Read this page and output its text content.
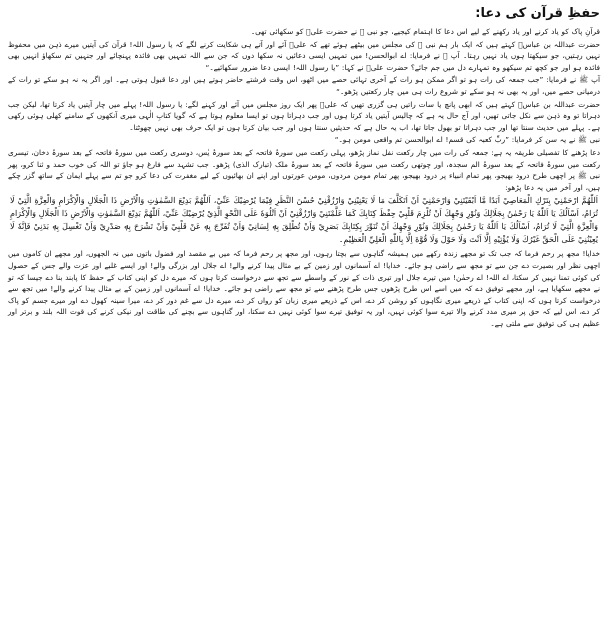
حفظِ قرآن کی دعا:

قرآنِ پاک کو یاد کرنے اور یاد رکھنے کے لیے اس دعا کا اہتمام کیجیے، جو نبی ﷺ نے حضرت علیؓ کو سکھائی تھی۔

حضرت عبداللہ بن عباسؓ کہتے ہیں کہ ایک بار ہم نبی ﷺ کی مجلس میں بیٹھے ہوئے تھے کہ علیؓ آئے اور آتے ہی شکایت کرنے لگے کہ یا رسول اللہ! قرآن کی آیتیں میرے ذہن میں محفوظ نہیں رہتیں، جو سیکھتا ہوں یاد نہیں رہتا۔ آپ ﷺ نے فرمایا: اے ابوالحسن! میں تمہیں ایسی دعائیں نہ سکھا دوں کہ جن سے اللہ تمہیں بھی فائدہ پہنچائے اور جنہیں تم سکھاؤ انہیں بھی فائدہ ہو اور جو کچھ تم سیکھو وہ تمہارے دل میں جم جائے؟ حضرت علیؓ نے کہا: ”یا رسول اللہ! ایسی دعا ضرور سکھائیے۔“

آپ ﷺ نے فرمایا: ”جب جمعہ کی رات ہو تو اگر ممکن ہو رات کے آخری تہائی حصے میں اٹھو، اس وقت فرشتے حاضر ہوتے ہیں اور دعا قبول ہوتی ہے۔ اور اگر یہ نہ ہو سکے تو رات کے درمیانی حصے میں، اور یہ بھی نہ ہو سکے تو شروع رات ہی میں چار رکعتیں پڑھو۔“

حضرت عبداللہ بن عباسؓ کہتے ہیں کہ ابھی پانچ یا سات راتیں ہی گزری تھیں کہ علیؓ پھر ایک روز مجلس میں آئے اور کہنے لگے: یا رسول اللہ! پہلے میں چار آیتیں یاد کرتا تھا، لیکن جب دہراتا تو وہ ذہن سے نکل جاتی تھیں، اور آج حال یہ ہے کہ چالیس آیتیں یاد کرتا ہوں اور جب دہراتا ہوں تو ایسا معلوم ہوتا ہے کہ گویا کتابِ الٰہی میری آنکھوں کے سامنے کھلی ہوئی رکھی ہے۔ پہلے میں حدیث سنتا تھا اور جب دہراتا تو بھول جاتا تھا، اب یہ حال ہے کہ حدیثیں سنتا ہوں اور جب بیان کرتا ہوں تو ایک حرف بھی نہیں چھوٹتا۔

نبی ﷺ نے یہ سن کر فرمایا: ”ربِّ کعبہ کی قسم! اے ابوالحسن تم واقعی مومن ہو۔“

دعا پڑھنے کا تفصیلی طریقہ یہ ہے: جمعہ کی رات میں چار رکعت نفل نماز پڑھو، پہلی رکعت میں سورۂ فاتحہ کے بعد سورۂ یٰس، دوسری رکعت میں سورۂ فاتحہ کے بعد سورۂ دخان، تیسری رکعت میں سورۂ فاتحہ کے بعد سورۂ الم سجدہ، اور چوتھی رکعت میں سورۂ فاتحہ کے بعد سورۂ ملک (تبارک الذی) پڑھو۔ جب تشہد سے فارغ ہو جاؤ تو اللہ کی خوب حمد و ثنا کرو، پھر نبی ﷺ پر اچھی طرح درود بھیجو، پھر تمام انبیاء پر درود بھیجو، پھر تمام مومن مردوں، مومن عورتوں اور اپنے ان بھائیوں کے لیے مغفرت کی دعا کرو جو تم سے پہلے ایمان کے ساتھ گزر چکے ہیں، اور آخر میں یہ دعا پڑھو:

اَللّٰهُمَّ ارْحَمْنِيْ بِتَرْكِ الْمَعَاصِيْ اَبَدًا مَّا اَبْقَيْتَنِيْ وَارْحَمْنِيْ اَنْ اَتَكَلَّفَ مَا لَا يَعْنِيْنِيْ وَارْزُقْنِيْ حُسْنَ النَّظَرِ فِيْمَا يُرْضِيْكَ عَنِّيْ، اَللّٰهُمَّ بَدِيْعَ السَّمٰوٰتِ وَالْاَرْضِ ذَا الْجَلَالِ وَالْاِكْرَامِ وَالْعِزَّةِ الَّتِيْ لَا تُرَامُ، اَسْاَلُكَ يَا اَللّٰهُ يَا رَحْمٰنُ بِجَلَالِكَ وَنُوْرِ وَجْهِكَ اَنْ تُلْزِمَ قَلْبِيْ حِفْظَ كِتَابِكَ كَمَا عَلَّمْتَنِيْ وَارْزُقْنِيْ اَنْ اَتْلُوَهٗ عَلَى النَّحْوِ الَّذِيْ يُرْضِيْكَ عَنِّيْ، اَللّٰهُمَّ بَدِيْعَ السَّمٰوٰتِ وَالْاَرْضِ ذَا الْجَلَالِ وَالْاِكْرَامِ وَالْعِزَّةِ الَّتِيْ لَا تُرَامُ، اَسْاَلُكَ يَا اَللّٰهُ يَا رَحْمٰنُ بِجَلَالِكَ وَنُوْرِ وَجْهِكَ اَنْ تُنَوِّرَ بِكِتَابِكَ بَصَرِيْ وَاَنْ تُطْلِقَ بِهٖ لِسَانِيْ وَاَنْ تُفَرِّجَ بِهٖ عَنْ قَلْبِيْ وَاَنْ تَشْرَحَ بِهٖ صَدْرِيْ وَاَنْ تَغْسِلَ بِهٖ بَدَنِيْ فَاِنَّهٗ لَا يُعِيْنُنِيْ عَلَى الْحَقِّ غَيْرُكَ وَلَا يُؤْتِيْهِ اِلَّا اَنْتَ وَلَا حَوْلَ وَلَا قُوَّةَ اِلَّا بِاللّٰهِ الْعَلِيِّ الْعَظِيْمِ۔

خدایا! مجھ پر رحم فرما کہ جب تک تو مجھے زندہ رکھے میں ہمیشہ گناہوں سے بچتا رہوں، اور مجھ پر رحم فرما کہ میں بے مقصد اور فضول باتوں میں نہ الجھوں، اور مجھے ان کاموں میں اچھی نظر اور بصیرت دے جن سے تو مجھ سے راضی ہو جائے۔ خدایا! اے آسمانوں اور زمین کے بے مثال پیدا کرنے والے! اے جلال اور بزرگی والے! اور ایسے غلبے اور عزت والے جس کے حصول کی کوئی تمنا نہیں کر سکتا، اے اللہ! اے رحمٰن! میں تیرے جلال اور تیری ذات کے نور کے واسطے سے تجھ سے درخواست کرتا ہوں کہ میرے دل کو اپنی کتاب کے حفظ کا پابند بنا دے جیسا کہ تو نے مجھے سکھایا ہے، اور مجھے توفیق دے کہ میں اسے اس طرح پڑھوں جس طرح پڑھنے سے تو مجھ سے راضی ہو جائے۔ خدایا! اے آسمانوں اور زمین کے بے مثال پیدا کرنے والے! میں تجھ سے درخواست کرتا ہوں کہ اپنی کتاب کے ذریعے میری نگاہوں کو روشن کر دے، اس کے ذریعے میری زبان کو رواں کر دے، میرے دل سے غم دور کر دے، میرا سینہ کھول دے اور میرے جسم کو پاک کر دے، اس لیے کہ حق پر میری مدد کرنے والا تیرے سوا کوئی نہیں، اور یہ توفیق تیرے سوا کوئی نہیں دے سکتا، اور گناہوں سے بچنے کی طاقت اور نیکی کرنے کی قوت اللہ بلند و برتر اور عظیم ہی کی توفیق سے ملتی ہے۔
